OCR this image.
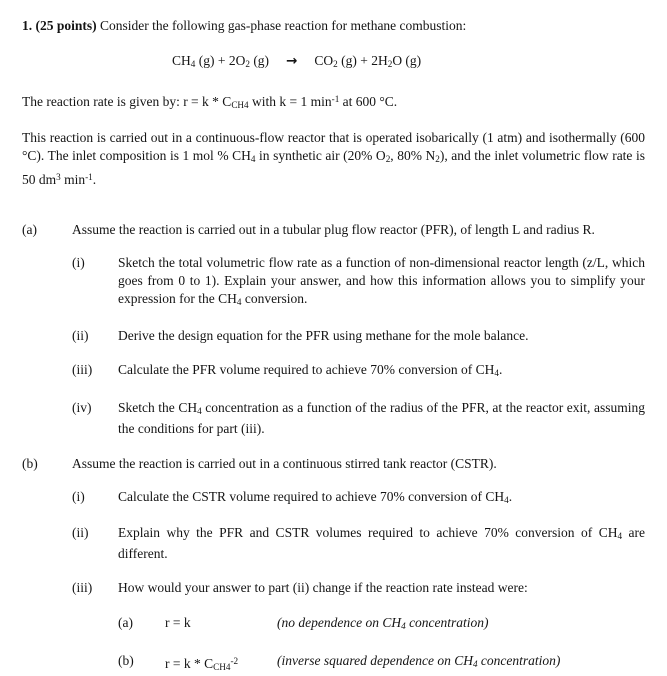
1. (25 points) Consider the following gas-phase reaction for methane combustion:

CH4 (g) + 2O2 (g) → CO2 (g) + 2H2O (g)

The reaction rate is given by: r = k * CCH4 with k = 1 $\min^{-1}$ at 600 °C.

This reaction is carried out in a continuous-flow reactor that is operated isobarically (1 atm) and isothermally (600 °C). The inlet composition is 1 mol % CH4 in synthetic air (20% O2, 80% N2), and the inlet volumetric flow rate is 50 $dm^3$ $\min^{-1}$.

(a)	Assume the reaction is carried out in a tubular plug flow reactor (PFR), of length L and radius R.
(i)	Sketch the total volumetric flow rate as a function of non-dimensional reactor length (z/L, which goes from 0 to 1). Explain your answer, and how this information allows you to simplify your expression for the CH4 conversion.
(ii)	Derive the design equation for the PFR using methane for the mole balance.
(iii)	Calculate the PFR volume required to achieve 70% conversion of CH4.
(iv)	Sketch the CH4 concentration as a function of the radius of the PFR, at the reactor exit, assuming the conditions for part (iii).
(b)	Assume the reaction is carried out in a continuous stirred tank reactor (CSTR).
(i)	Calculate the CSTR volume required to achieve 70% conversion of CH4.
(ii)	Explain why the PFR and CSTR volumes required to achieve 70% conversion of CH4 are different.
(iii)	How would your answer to part (ii) change if the reaction rate instead were:

(a)	r = k	(no dependence on CH4 concentration)
(b)	$r = k * CCH4^{-2}$	(inverse squared dependence on CH4 concentration)
